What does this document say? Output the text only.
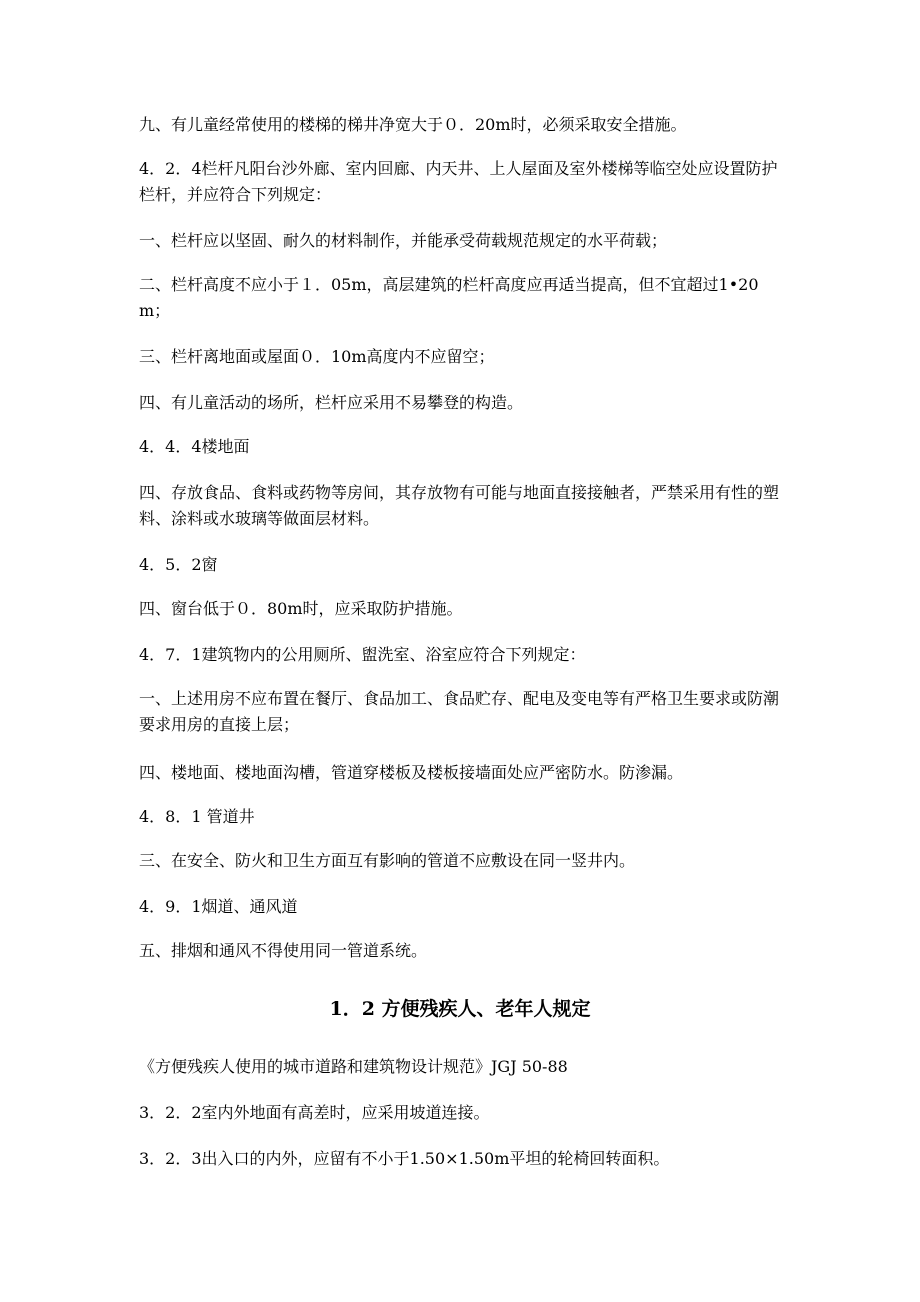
九、有儿童经常使用的楼梯的梯井净宽大于０．20m时，必须采取安全措施。

4．2．4栏杆凡阳台沙外廊、室内回廊、内天井、上人屋面及室外楼梯等临空处应设置防护栏杆，并应符合下列规定：

一、栏杆应以坚固、耐久的材料制作，并能承受荷载规范规定的水平荷载；

二、栏杆高度不应小于１．05m，高层建筑的栏杆高度应再适当提高，但不宜超过1•20m；

三、栏杆离地面或屋面０．10m高度内不应留空；

四、有儿童活动的场所，栏杆应采用不易攀登的构造。

4．4．4楼地面

四、存放食品、食料或药物等房间，其存放物有可能与地面直接接触者，严禁采用有性的塑料、涂料或水玻璃等做面层材料。

4．5．2窗

四、窗台低于０．80m时，应采取防护措施。

4．7．1建筑物内的公用厕所、盥洗室、浴室应符合下列规定：

一、上述用房不应布置在餐厅、食品加工、食品贮存、配电及变电等有严格卫生要求或防潮要求用房的直接上层；

四、楼地面、楼地面沟槽，管道穿楼板及楼板接墙面处应严密防水。防渗漏。

4．8．1 管道井

三、在安全、防火和卫生方面互有影响的管道不应敷设在同一竖井内。

4．9．1烟道、通风道

五、排烟和通风不得使用同一管道系统。

1．2 方便残疾人、老年人规定

《方便残疾人使用的城市道路和建筑物设计规范》JGJ 50-88

3．2．2室内外地面有高差时，应采用坡道连接。

3．2．3出入口的内外，应留有不小于1.50×1.50m平坦的轮椅回转面积。
